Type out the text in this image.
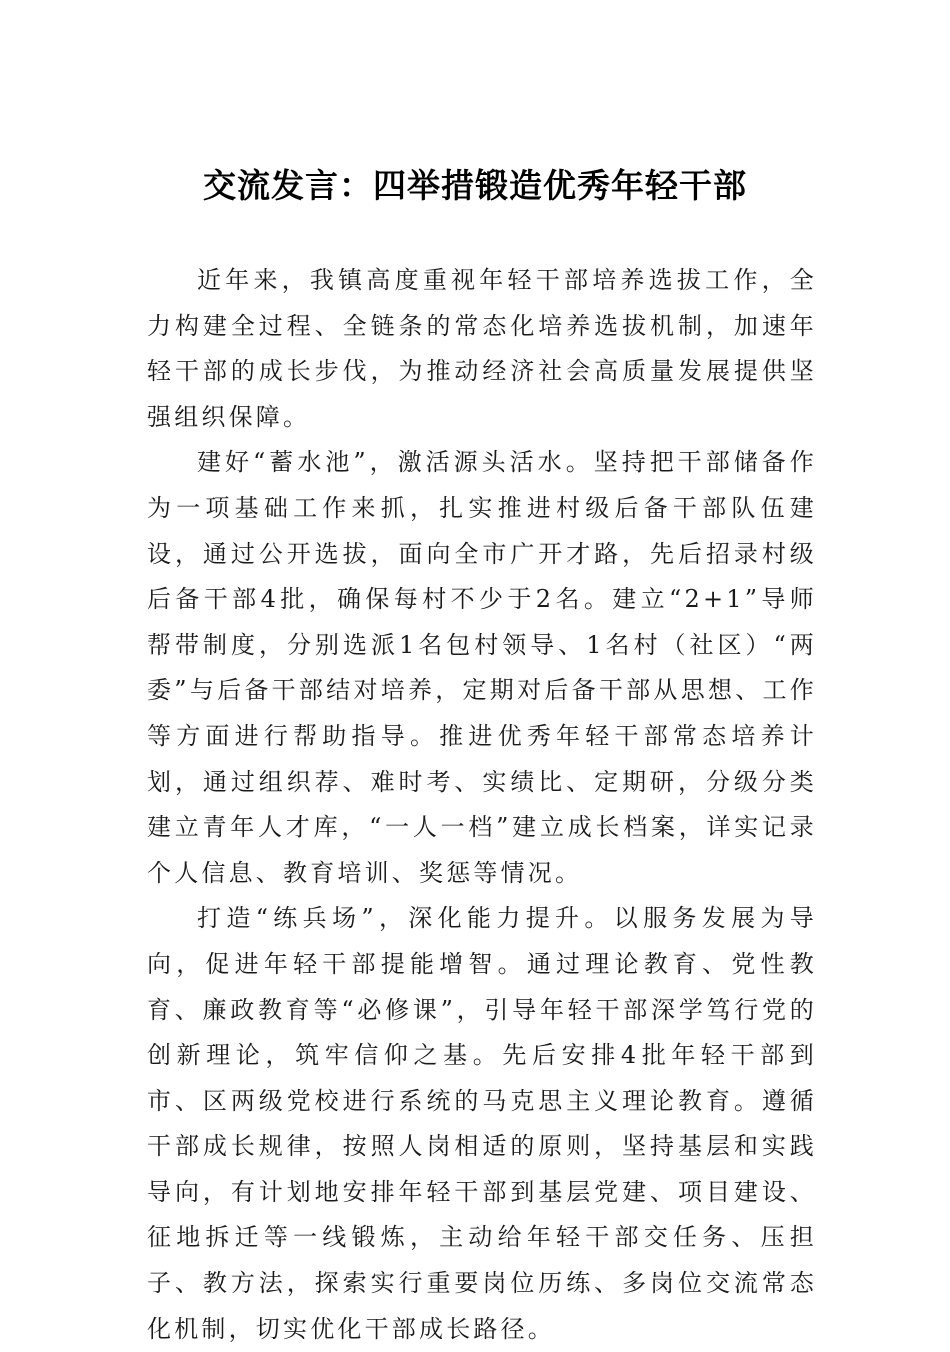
交流发言：四举措锻造优秀年轻干部

近年来，我镇高度重视年轻干部培养选拔工作，全力构建全过程、全链条的常态化培养选拔机制，加速年轻干部的成长步伐，为推动经济社会高质量发展提供坚强组织保障。

建好“蓄水池”，激活源头活水。坚持把干部储备作为一项基础工作来抓，扎实推进村级后备干部队伍建设，通过公开选拔，面向全市广开才路，先后招录村级后备干部4批，确保每村不少于2名。建立“2+1”导师帮带制度，分别选派1名包村领导、1名村（社区）“两委”与后备干部结对培养，定期对后备干部从思想、工作等方面进行帮助指导。推进优秀年轻干部常态培养计划，通过组织荐、难时考、实绩比、定期研，分级分类建立青年人才库，“一人一档”建立成长档案，详实记录个人信息、教育培训、奖惩等情况。

打造“练兵场”，深化能力提升。以服务发展为导向，促进年轻干部提能增智。通过理论教育、党性教育、廉政教育等“必修课”，引导年轻干部深学笃行党的创新理论，筑牢信仰之基。先后安排4批年轻干部到市、区两级党校进行系统的马克思主义理论教育。遵循干部成长规律，按照人岗相适的原则，坚持基层和实践导向，有计划地安排年轻干部到基层党建、项目建设、征地拆迁等一线锻炼，主动给年轻干部交任务、压担子、教方法，探索实行重要岗位历练、多岗位交流常态化机制，切实优化干部成长路径。
